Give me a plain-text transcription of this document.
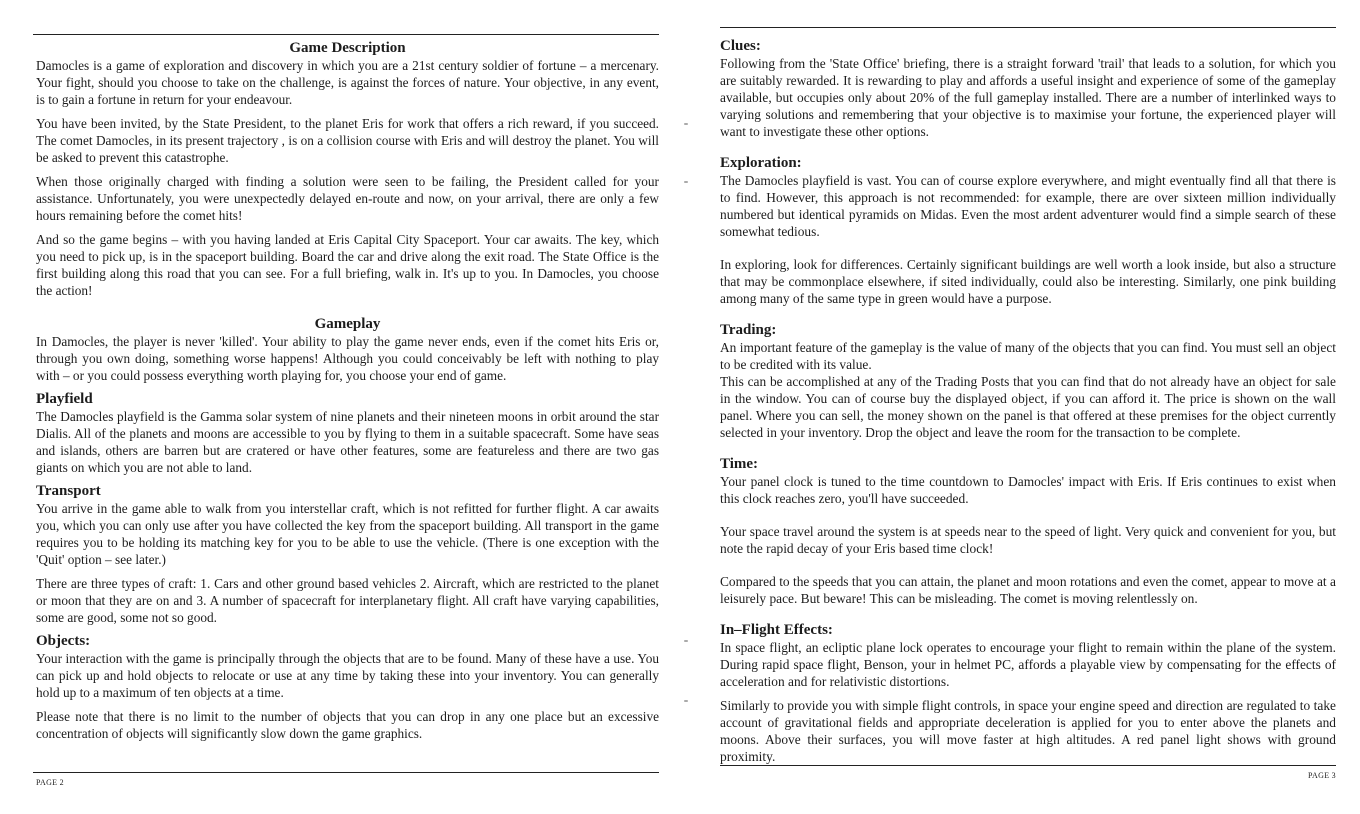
Game Description

Damocles is a game of exploration and discovery in which you are a 21st century soldier of fortune – a mercenary. Your fight, should you choose to take on the challenge, is against the forces of nature. Your objective, in any event, is to gain a fortune in return for your endeavour.

You have been invited, by the State President, to the planet Eris for work that offers a rich reward, if you succeed. The comet Damocles, in its present trajectory , is on a collision course with Eris and will destroy the planet. You will be asked to prevent this catastrophe.

When those originally charged with finding a solution were seen to be failing, the President called for your assistance. Unfortunately, you were unexpectedly delayed en-route and now, on your arrival, there are only a few hours remaining before the comet hits!

And so the game begins – with you having landed at Eris Capital City Spaceport. Your car awaits. The key, which you need to pick up, is in the spaceport building. Board the car and drive along the exit road. The State Office is the first building along this road that you can see. For a full briefing, walk in. It's up to you. In Damocles, you choose the action!

Gameplay

In Damocles, the player is never 'killed'. Your ability to play the game never ends, even if the comet hits Eris or, through you own doing, something worse happens! Although you could conceivably be left with nothing to play with – or you could possess everything worth playing for, you choose your end of game.

Playfield

The Damocles playfield is the Gamma solar system of nine planets and their nineteen moons in orbit around the star Dialis. All of the planets and moons are accessible to you by flying to them in a suitable spacecraft. Some have seas and islands, others are barren but are cratered or have other features, some are featureless and there are two gas giants on which you are not able to land.

Transport

You arrive in the game able to walk from you interstellar craft, which is not refitted for further flight. A car awaits you, which you can only use after you have collected the key from the spaceport building. All transport in the game requires you to be holding its matching key for you to be able to use the vehicle. (There is one exception with the 'Quit' option – see later.)

There are three types of craft: 1. Cars and other ground based vehicles 2. Aircraft, which are restricted to the planet or moon that they are on and 3. A number of spacecraft for interplanetary flight. All craft have varying capabilities, some are good, some not so good.

Objects:

Your interaction with the game is principally through the objects that are to be found. Many of these have a use. You can pick up and hold objects to relocate or use at any time by taking these into your inventory. You can generally hold up to a maximum of ten objects at a time.

Please note that there is no limit to the number of objects that you can drop in any one place but an excessive concentration of objects will significantly slow down the game graphics.

PAGE 2
Clues:

Following from the 'State Office' briefing, there is a straight forward 'trail' that leads to a solution, for which you are suitably rewarded. It is rewarding to play and affords a useful insight and experience of some of the gameplay available, but occupies only about 20% of the full gameplay installed. There are a number of interlinked ways to varying solutions and remembering that your objective is to maximise your fortune, the experienced player will want to investigate these other options.

Exploration:

The Damocles playfield is vast. You can of course explore everywhere, and might eventually find all that there is to find. However, this approach is not recommended: for example, there are over sixteen million individually numbered but identical pyramids on Midas. Even the most ardent adventurer would find a simple search of these somewhat tedious.

In exploring, look for differences. Certainly significant buildings are well worth a look inside, but also a structure that may be commonplace elsewhere, if sited individually, could also be interesting. Similarly, one pink building among many of the same type in green would have a purpose.

Trading:

An important feature of the gameplay is the value of many of the objects that you can find. You must sell an object to be credited with its value.

This can be accomplished at any of the Trading Posts that you can find that do not already have an object for sale in the window. You can of course buy the displayed object, if you can afford it. The price is shown on the wall panel. Where you can sell, the money shown on the panel is that offered at these premises for the object currently selected in your inventory. Drop the object and leave the room for the transaction to be complete.

Time:

Your panel clock is tuned to the time countdown to Damocles' impact with Eris. If Eris continues to exist when this clock reaches zero, you'll have succeeded.

Your space travel around the system is at speeds near to the speed of light. Very quick and convenient for you, but note the rapid decay of your Eris based time clock!

Compared to the speeds that you can attain, the planet and moon rotations and even the comet, appear to move at a leisurely pace. But beware! This can be misleading. The comet is moving relentlessly on.

In–Flight Effects:

In space flight, an ecliptic plane lock operates to encourage your flight to remain within the plane of the system. During rapid space flight, Benson, your in helmet PC, affords a playable view by compensating for the effects of acceleration and for relativistic distortions.

Similarly to provide you with simple flight controls, in space your engine speed and direction are regulated to take account of gravitational fields and appropriate deceleration is applied for you to enter above the planets and moons. Above their surfaces, you will move faster at high altitudes. A red panel light shows with ground proximity.

PAGE 3
